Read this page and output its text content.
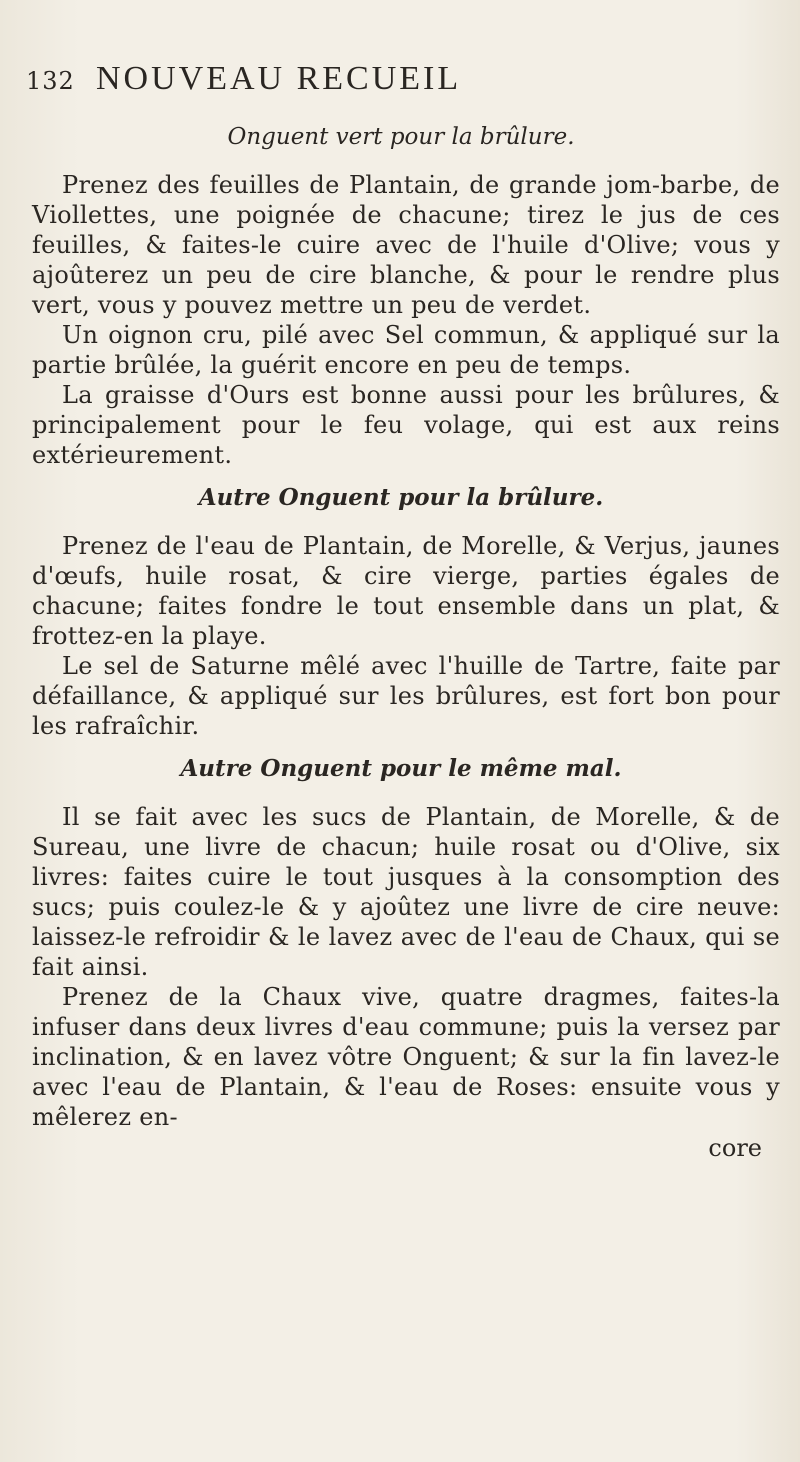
132 NOUVEAU RECUEIL
Onguent vert pour la brûlure.

Prenez des feuilles de Plantain, de grande jom-barbe, de Viollettes, une poignée de chacune; tirez le jus de ces feuilles, & faites-le cuire avec de l'huile d'Olive; vous y ajoûterez un peu de cire blanche, & pour le rendre plus vert, vous y pouvez mettre un peu de verdet.

Un oignon cru, pilé avec Sel commun, & appliqué sur la partie brûlée, la guérit encore en peu de temps.

La graisse d'Ours est bonne aussi pour les brûlures, & principalement pour le feu volage, qui est aux reins extérieurement.

Autre Onguent pour la brûlure.

Prenez de l'eau de Plantain, de Morelle, & Verjus, jaunes d'œufs, huile rosat, & cire vierge, parties égales de chacune; faites fondre le tout ensemble dans un plat, & frottez-en la playe.

Le sel de Saturne mêlé avec l'huille de Tartre, faite par défaillance, & appliqué sur les brûlures, est fort bon pour les rafraîchir.

Autre Onguent pour le même mal.

Il se fait avec les sucs de Plantain, de Morelle, & de Sureau, une livre de chacun; huile rosat ou d'Olive, six livres: faites cuire le tout jusques à la consomption des sucs; puis coulez-le & y ajoûtez une livre de cire neuve: laissez-le refroidir & le lavez avec de l'eau de Chaux, qui se fait ainsi.

Prenez de la Chaux vive, quatre dragmes, faites-la infuser dans deux livres d'eau commune; puis la versez par inclination, & en lavez vôtre Onguent; & sur la fin lavez-le avec l'eau de Plantain, & l'eau de Roses: ensuite vous y mêlerez en-

core
